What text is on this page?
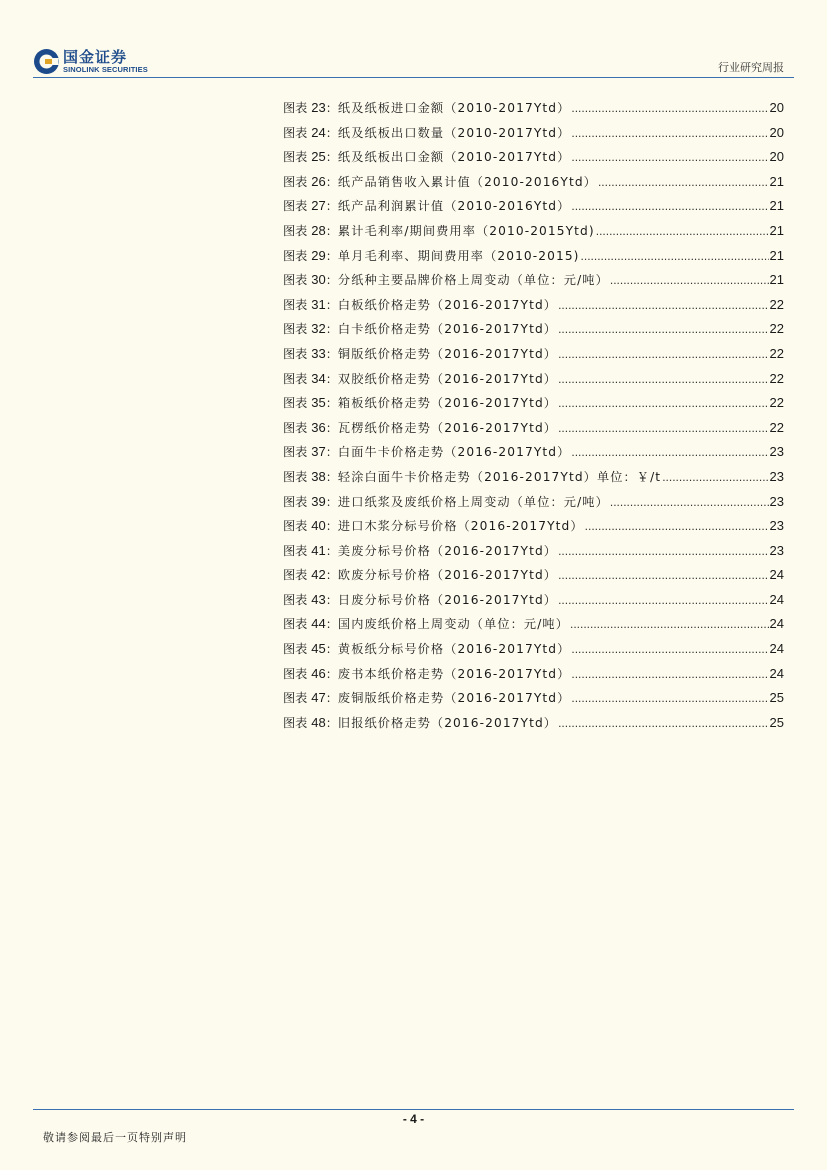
国金证券
SINOLINK SECURITIES	行业研究周报
图表 23： 纸及纸板进口金额（2010-2017Ytd） .....	20
图表 24： 纸及纸板出口数量（2010-2017Ytd） .....	20
图表 25： 纸及纸板出口金额（2010-2017Ytd） .....	20
图表 26： 纸产品销售收入累计值（2010-2016Ytd） .....	21
图表 27： 纸产品利润累计值（2010-2016Ytd） .....	21
图表 28： 累计毛利率/期间费用率（2010-2015Ytd) .....	21
图表 29： 单月毛利率、期间费用率（2010-2015) .....	21
图表 30： 分纸种主要品牌价格上周变动（单位：元/吨） .....	21
图表 31： 白板纸价格走势（2016-2017Ytd） .....	22
图表 32： 白卡纸价格走势（2016-2017Ytd） .....	22
图表 33： 铜版纸价格走势（2016-2017Ytd） .....	22
图表 34： 双胶纸价格走势（2016-2017Ytd） .....	22
图表 35： 箱板纸价格走势（2016-2017Ytd） .....	22
图表 36： 瓦楞纸价格走势（2016-2017Ytd） .....	22
图表 37： 白面牛卡价格走势（2016-2017Ytd） .....	23
图表 38： 轻涂白面牛卡价格走势（2016-2017Ytd）单位：￥/t .....	23
图表 39： 进口纸浆及废纸价格上周变动（单位：元/吨） .....	23
图表 40： 进口木浆分标号价格（2016-2017Ytd） .....	23
图表 41： 美废分标号价格（2016-2017Ytd） .....	23
图表 42： 欧废分标号价格（2016-2017Ytd） .....	24
图表 43： 日废分标号价格（2016-2017Ytd） .....	24
图表 44： 国内废纸价格上周变动（单位：元/吨） .....	24
图表 45： 黄板纸分标号价格（2016-2017Ytd） .....	24
图表 46： 废书本纸价格走势（2016-2017Ytd） .....	24
图表 47： 废铜版纸价格走势（2016-2017Ytd） .....	25
图表 48： 旧报纸价格走势（2016-2017Ytd） .....	25
- 4 -
敬请参阅最后一页特别声明
